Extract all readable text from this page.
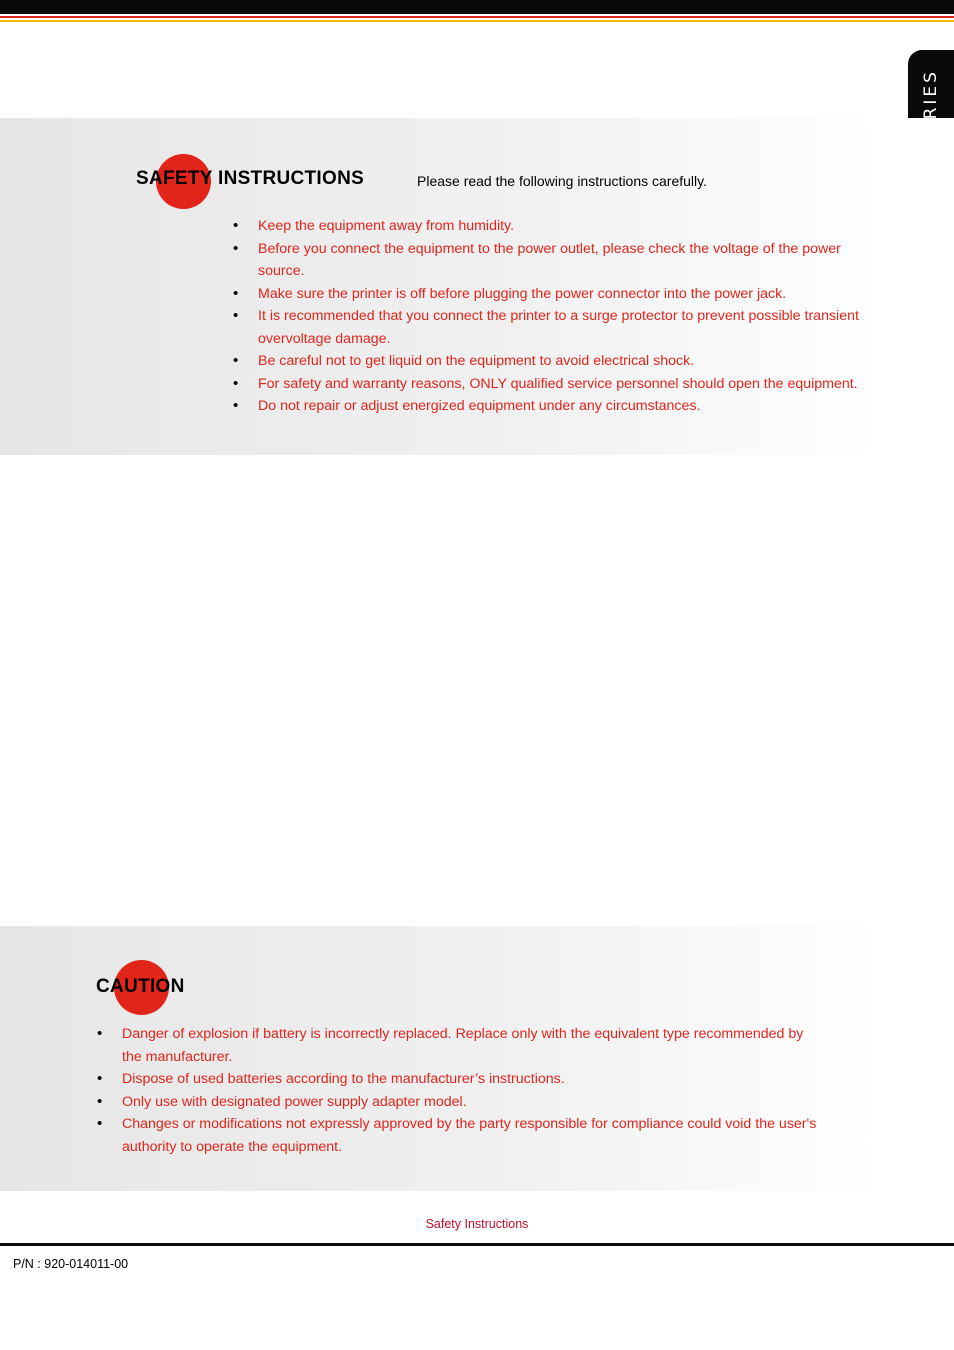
SAFETY INSTRUCTIONS	Please read the following instructions carefully.
• Keep the equipment away from humidity.
• Before you connect the equipment to the power outlet, please check the voltage of the power source.
• Make sure the printer is off before plugging the power connector into the power jack.
• It is recommended that you connect the printer to a surge protector to prevent possible transient overvoltage damage.
• Be careful not to get liquid on the equipment to avoid electrical shock.
• For safety and warranty reasons, ONLY qualified service personnel should open the equipment.
• Do not repair or adjust energized equipment under any circumstances.
CAUTION
• Danger of explosion if battery is incorrectly replaced. Replace only with the equivalent type recommended by the manufacturer.
• Dispose of used batteries according to the manufacturer’s instructions.
• Only use with designated power supply adapter model.
• Changes or modifications not expressly approved by the party responsible for compliance could void the user's authority to operate the equipment.
Safety Instructions
P/N : 920-014011-00
